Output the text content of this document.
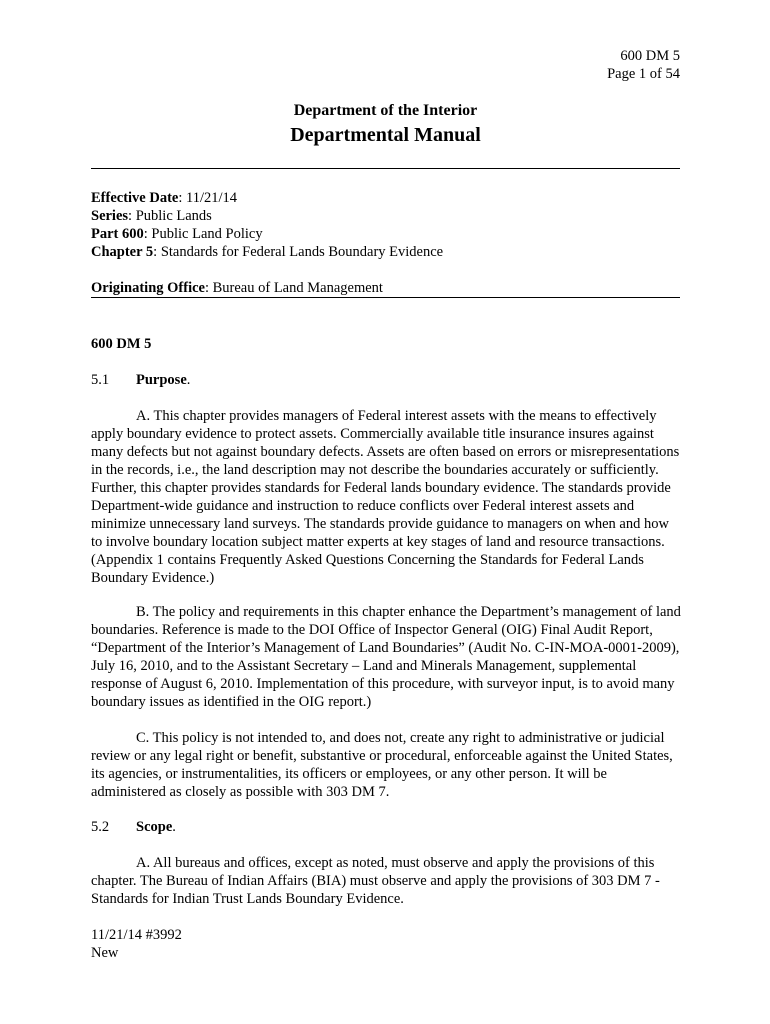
600 DM 5
Page 1 of 54
Department of the Interior
Departmental Manual
Effective Date: 11/21/14
Series: Public Lands
Part 600: Public Land Policy
Chapter 5: Standards for Federal Lands Boundary Evidence
Originating Office: Bureau of Land Management
600 DM 5
5.1 Purpose.
A. This chapter provides managers of Federal interest assets with the means to effectively apply boundary evidence to protect assets. Commercially available title insurance insures against many defects but not against boundary defects. Assets are often based on errors or misrepresentations in the records, i.e., the land description may not describe the boundaries accurately or sufficiently. Further, this chapter provides standards for Federal lands boundary evidence. The standards provide Department-wide guidance and instruction to reduce conflicts over Federal interest assets and minimize unnecessary land surveys. The standards provide guidance to managers on when and how to involve boundary location subject matter experts at key stages of land and resource transactions. (Appendix 1 contains Frequently Asked Questions Concerning the Standards for Federal Lands Boundary Evidence.)
B. The policy and requirements in this chapter enhance the Department’s management of land boundaries. Reference is made to the DOI Office of Inspector General (OIG) Final Audit Report, “Department of the Interior’s Management of Land Boundaries” (Audit No. C-IN-MOA-0001-2009), July 16, 2010, and to the Assistant Secretary – Land and Minerals Management, supplemental response of August 6, 2010. Implementation of this procedure, with surveyor input, is to avoid many boundary issues as identified in the OIG report.)
C. This policy is not intended to, and does not, create any right to administrative or judicial review or any legal right or benefit, substantive or procedural, enforceable against the United States, its agencies, or instrumentalities, its officers or employees, or any other person. It will be administered as closely as possible with 303 DM 7.
5.2 Scope.
A. All bureaus and offices, except as noted, must observe and apply the provisions of this chapter. The Bureau of Indian Affairs (BIA) must observe and apply the provisions of 303 DM 7 - Standards for Indian Trust Lands Boundary Evidence.
11/21/14 #3992
New
